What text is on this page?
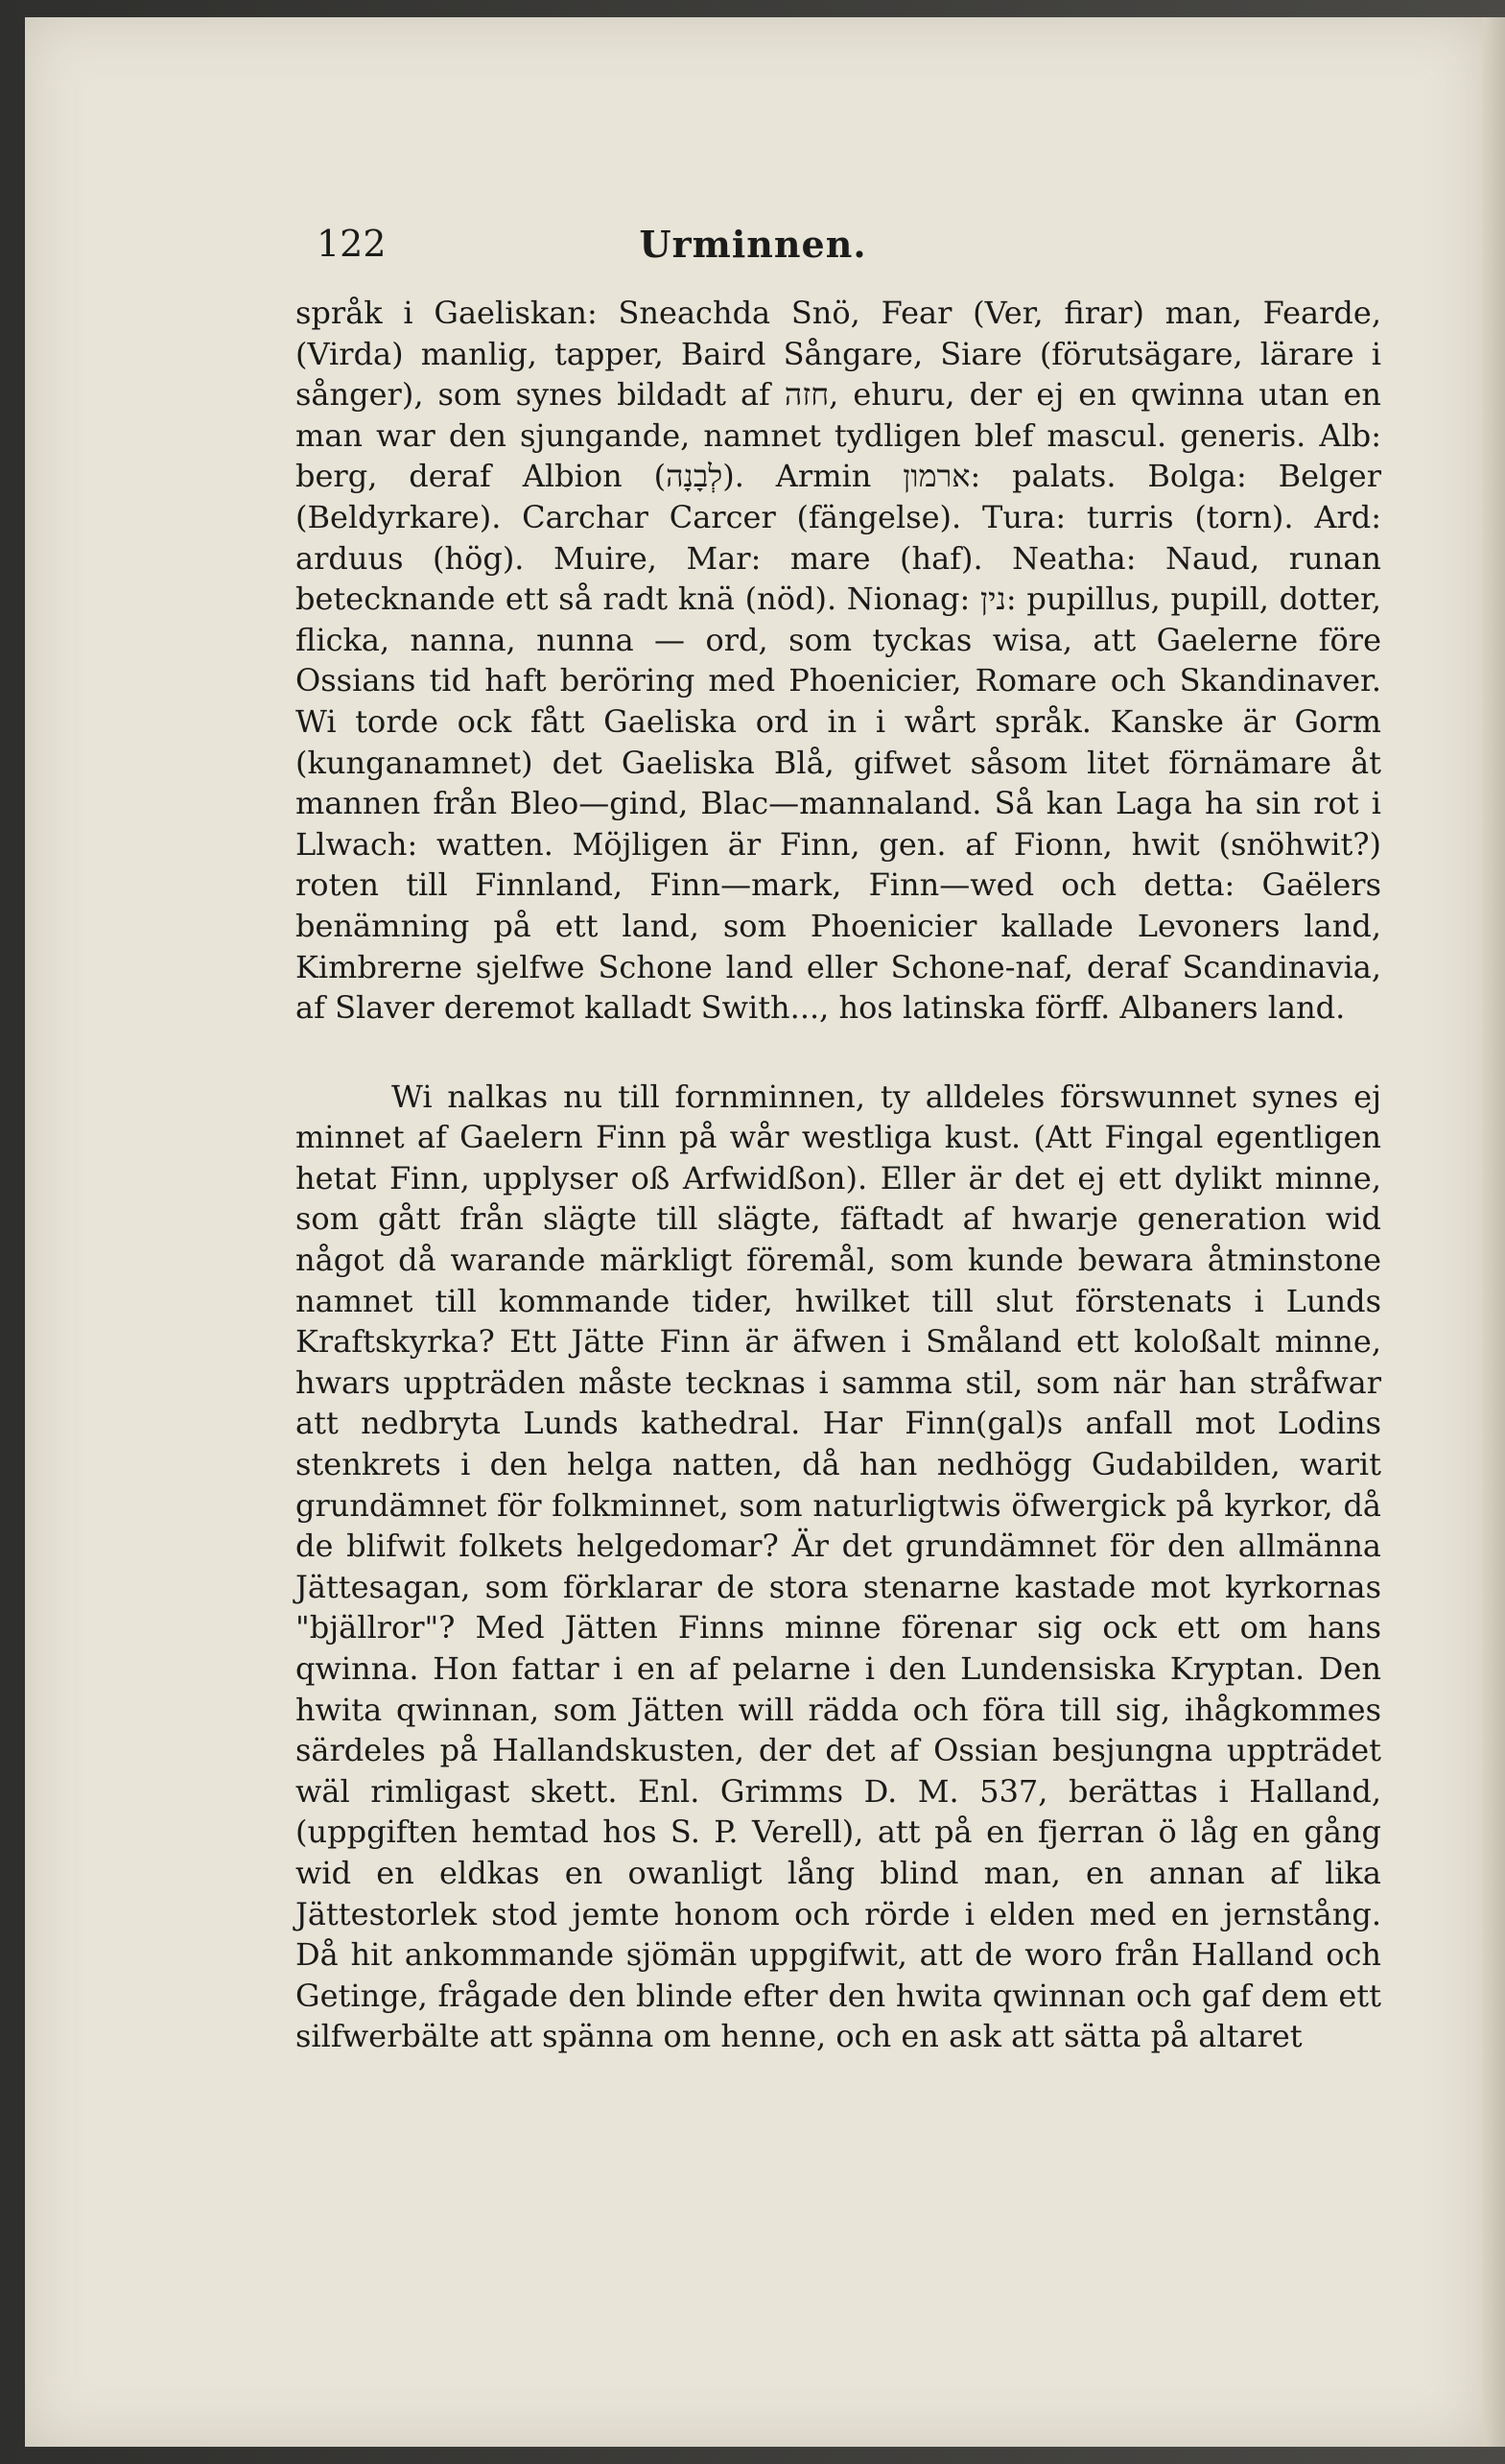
122	Urminnen.

språk i Gaeliskan: Sneachda Snö, Fear (Ver, firar) man, Fearde, (Virda) manlig, tapper, Baird Sångare, Siare (förutsägare, lärare i sånger), som synes bildadt af חזה, ehuru, der ej en qwinna utan en man war den sjungande, namnet tydligen blef mascul. generis. Alb: berg, deraf Albion (לְבָנָה). Armin ארמון: palats. Bolga: Belger (Beldyrkare). Carchar Carcer (fängelse). Tura: turris (torn). Ard: arduus (hög). Muire, Mar: mare (haf). Neatha: Naud, runan betecknande ett så radt knä (nöd). Nionag: נין: pupillus, pupill, dotter, flicka, nanna, nunna — ord, som tyckas wisa, att Gaelerne före Ossians tid haft beröring med Phoenicier, Romare och Skandinaver. Wi torde ock fått Gaeliska ord in i wårt språk. Kanske är Gorm (kunganamnet) det Gaeliska Blå, gifwet såsom litet förnämare åt mannen från Bleo—gind, Blac—mannaland. Så kan Laga ha sin rot i Llwach: watten. Möjligen är Finn, gen. af Fionn, hwit (snöhwit?) roten till Finnland, Finn—mark, Finn—wed och detta: Gaëlers benämning på ett land, som Phoenicier kallade Levoners land, Kimbrerne sjelfwe Schone land eller Schone-naf, deraf Scandinavia, af Slaver deremot kalladt Swith..., hos latinska förff. Albaners land.

Wi nalkas nu till fornminnen, ty alldeles förswunnet synes ej minnet af Gaelern Finn på wår westliga kust. (Att Fingal egentligen hetat Finn, upplyser oß Arfwidßon). Eller är det ej ett dylikt minne, som gått från slägte till slägte, fäftadt af hwarje generation wid något då warande märkligt föremål, som kunde bewara åtminstone namnet till kommande tider, hwilket till slut förstenats i Lunds Kraftskyrka? Ett Jätte Finn är äfwen i Småland ett koloßalt minne, hwars uppträden måste tecknas i samma stil, som när han stråfwar att nedbryta Lunds kathedral. Har Finn(gal)s anfall mot Lodins stenkrets i den helga natten, då han nedhögg Gudabilden, warit grundämnet för folkminnet, som naturligtwis öfwergick på kyrkor, då de blifwit folkets helgedomar? Är det grundämnet för den allmänna Jättesagan, som förklarar de stora stenarne kastade mot kyrkornas "bjällror"? Med Jätten Finns minne förenar sig ock ett om hans qwinna. Hon fattar i en af pelarne i den Lundensiska Kryptan. Den hwita qwinnan, som Jätten will rädda och föra till sig, ihågkommes särdeles på Hallandskusten, der det af Ossian besjungna uppträdet wäl rimligast skett. Enl. Grimms D. M. 537, berättas i Halland, (uppgiften hemtad hos S. P. Verell), att på en fjerran ö låg en gång wid en eldkas en owanligt lång blind man, en annan af lika Jättestorlek stod jemte honom och rörde i elden med en jernstång. Då hit ankommande sjömän uppgifwit, att de woro från Halland och Getinge, frågade den blinde efter den hwita qwinnan och gaf dem ett silfwerbälte att spänna om henne, och en ask att sätta på altaret
